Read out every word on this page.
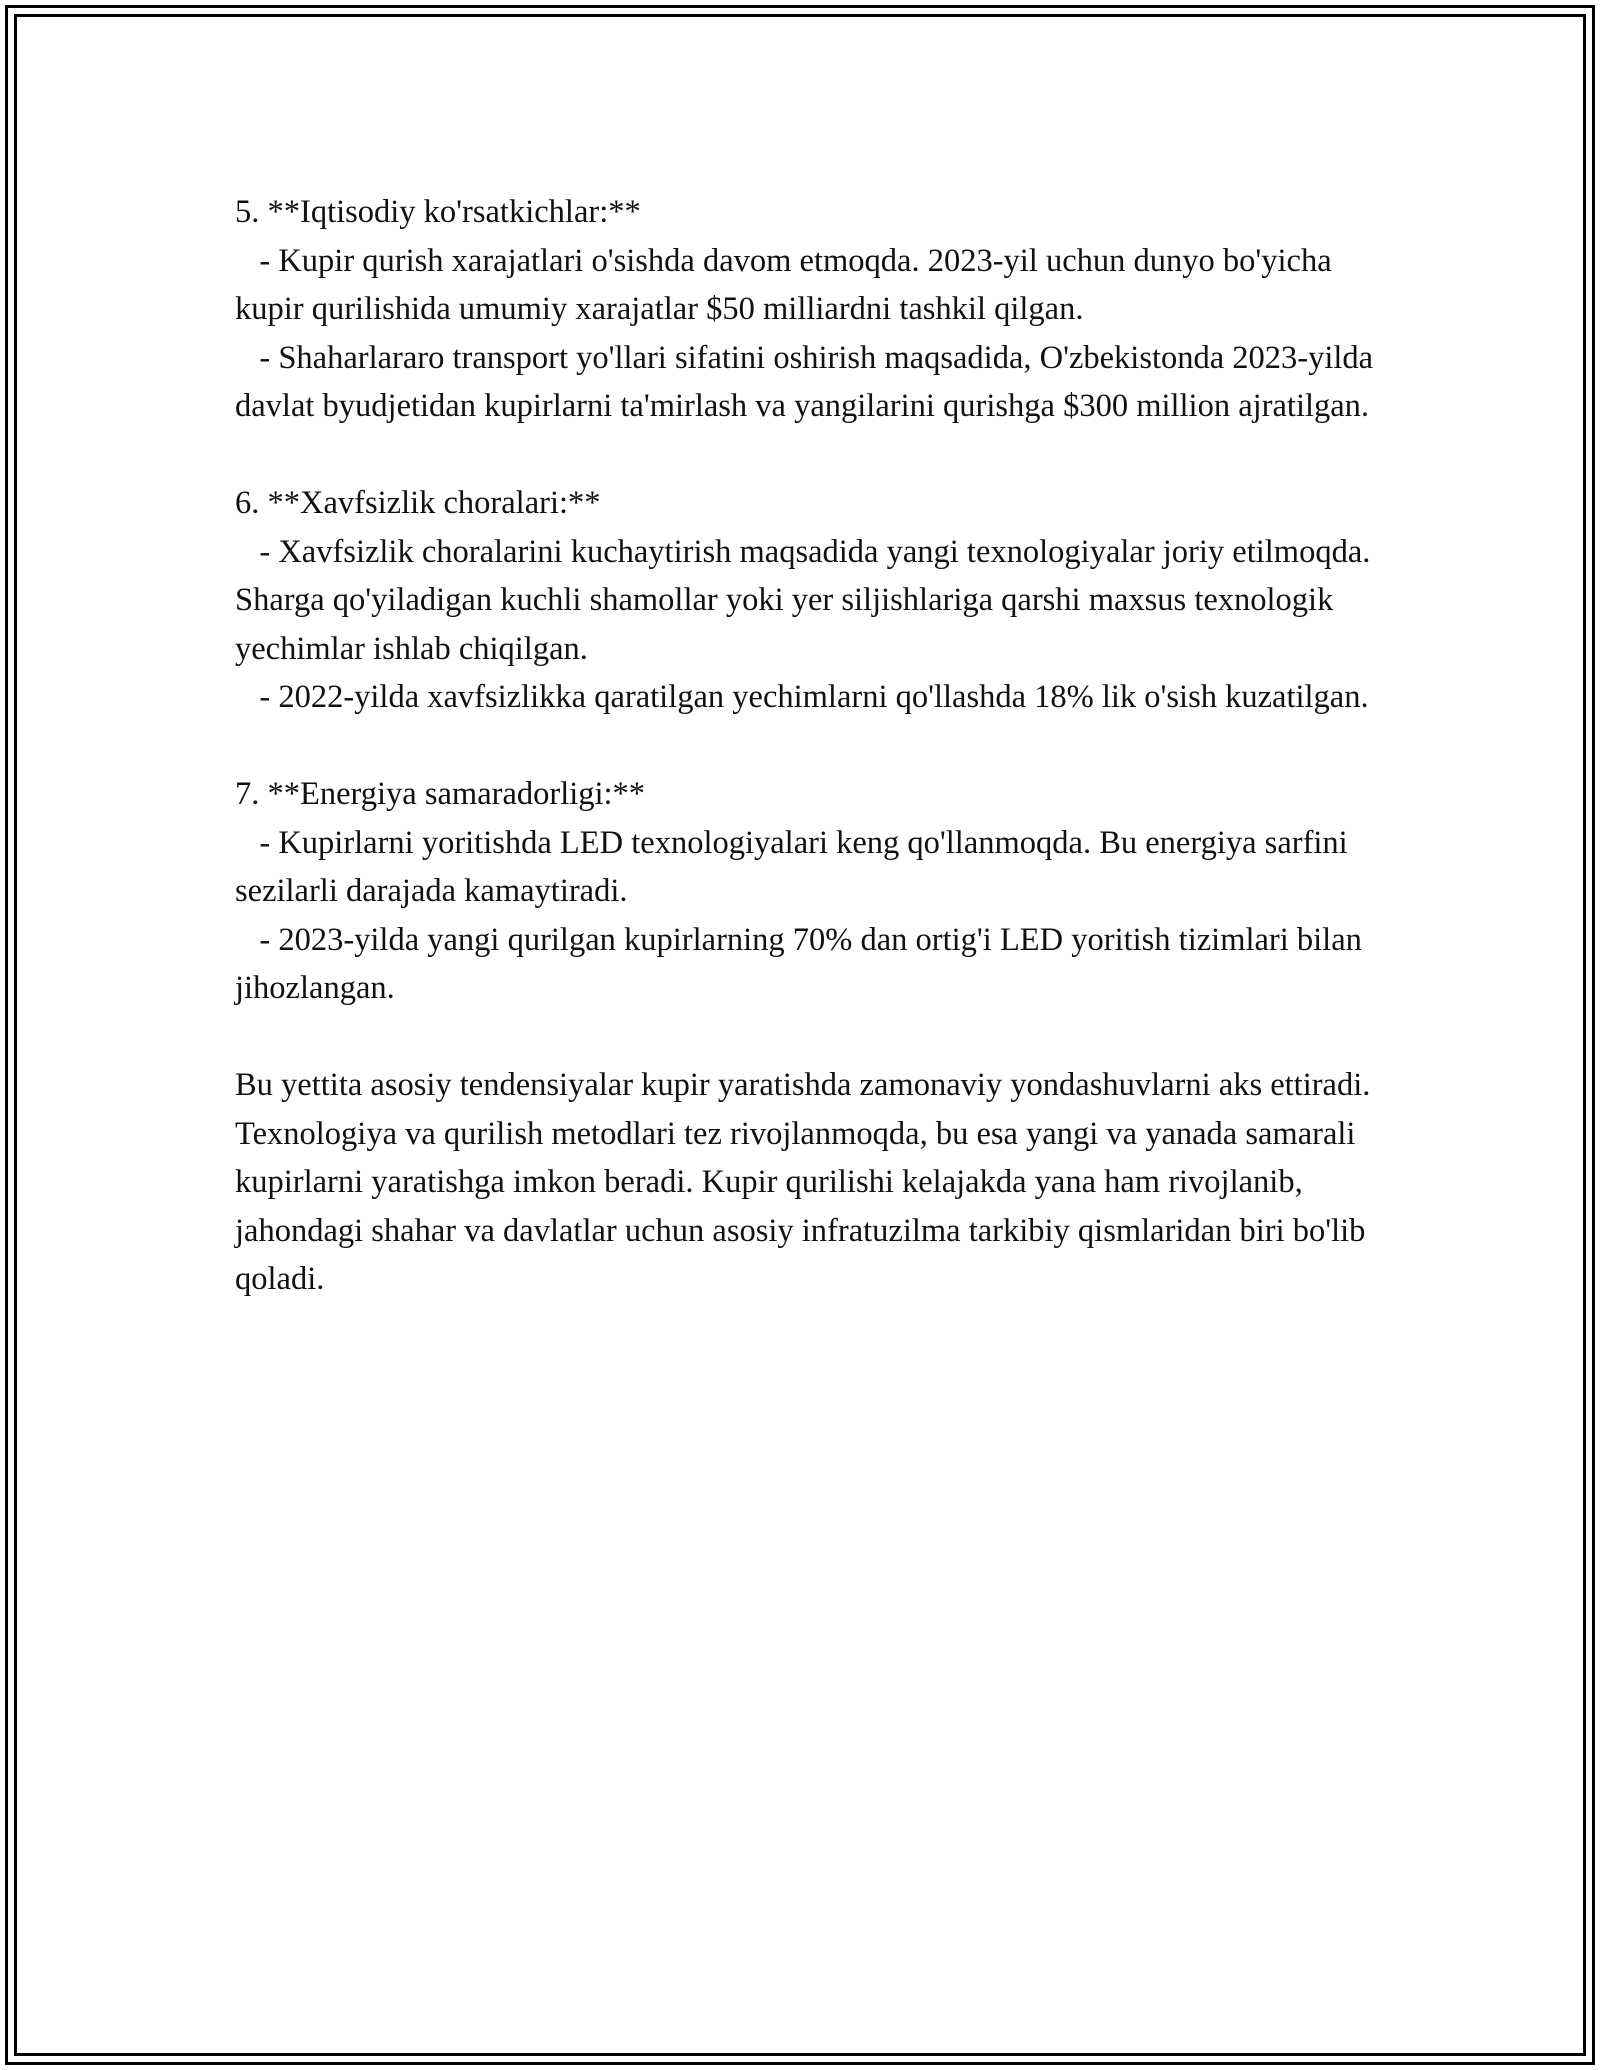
5. **Iqtisodiy ko'rsatkichlar:**

- Kupir qurish xarajatlari o'sishda davom etmoqda. 2023-yil uchun dunyo bo'yicha kupir qurilishida umumiy xarajatlar $50 milliardni tashkil qilgan.

- Shaharlararo transport yo'llari sifatini oshirish maqsadida, O'zbekistonda 2023-yilda davlat byudjetidan kupirlarni ta'mirlash va yangilarini qurishga $300 million ajratilgan.

6. **Xavfsizlik choralari:**

- Xavfsizlik choralarini kuchaytirish maqsadida yangi texnologiyalar joriy etilmoqda. Sharga qo'yiladigan kuchli shamollar yoki yer siljishlariga qarshi maxsus texnologik yechimlar ishlab chiqilgan.

- 2022-yilda xavfsizlikka qaratilgan yechimlarni qo'llashda 18% lik o'sish kuzatilgan.

7. **Energiya samaradorligi:**

- Kupirlarni yoritishda LED texnologiyalari keng qo'llanmoqda. Bu energiya sarfini sezilarli darajada kamaytiradi.

- 2023-yilda yangi qurilgan kupirlarning 70% dan ortig'i LED yoritish tizimlari bilan jihozlangan.

Bu yettita asosiy tendensiyalar kupir yaratishda zamonaviy yondashuvlarni aks ettiradi. Texnologiya va qurilish metodlari tez rivojlanmoqda, bu esa yangi va yanada samarali kupirlarni yaratishga imkon beradi. Kupir qurilishi kelajakda yana ham rivojlanib, jahondagi shahar va davlatlar uchun asosiy infratuzilma tarkibiy qismlaridan biri bo'lib qoladi.
